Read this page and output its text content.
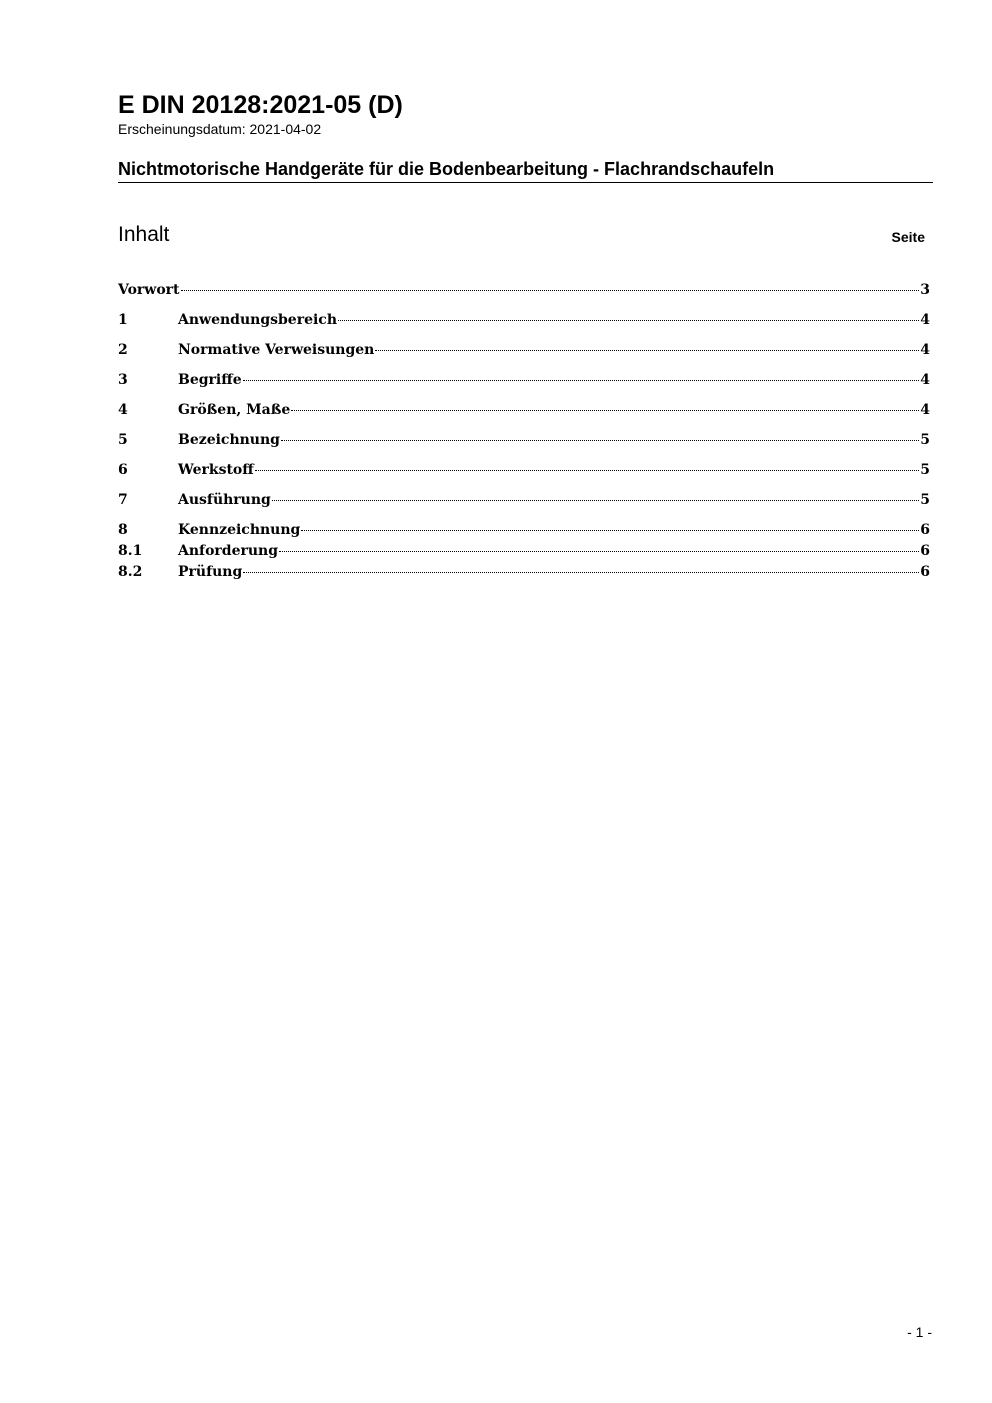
E DIN 20128:2021-05 (D)
Erscheinungsdatum: 2021-04-02
Nichtmotorische Handgeräte für die Bodenbearbeitung - Flachrandschaufeln
Inhalt	Seite
Vorwort	3
1	Anwendungsbereich	4
2	Normative Verweisungen	4
3	Begriffe	4
4	Größen, Maße	4
5	Bezeichnung	5
6	Werkstoff	5
7	Ausführung	5
8	Kennzeichnung	6
8.1	Anforderung	6
8.2	Prüfung	6
- 1 -
